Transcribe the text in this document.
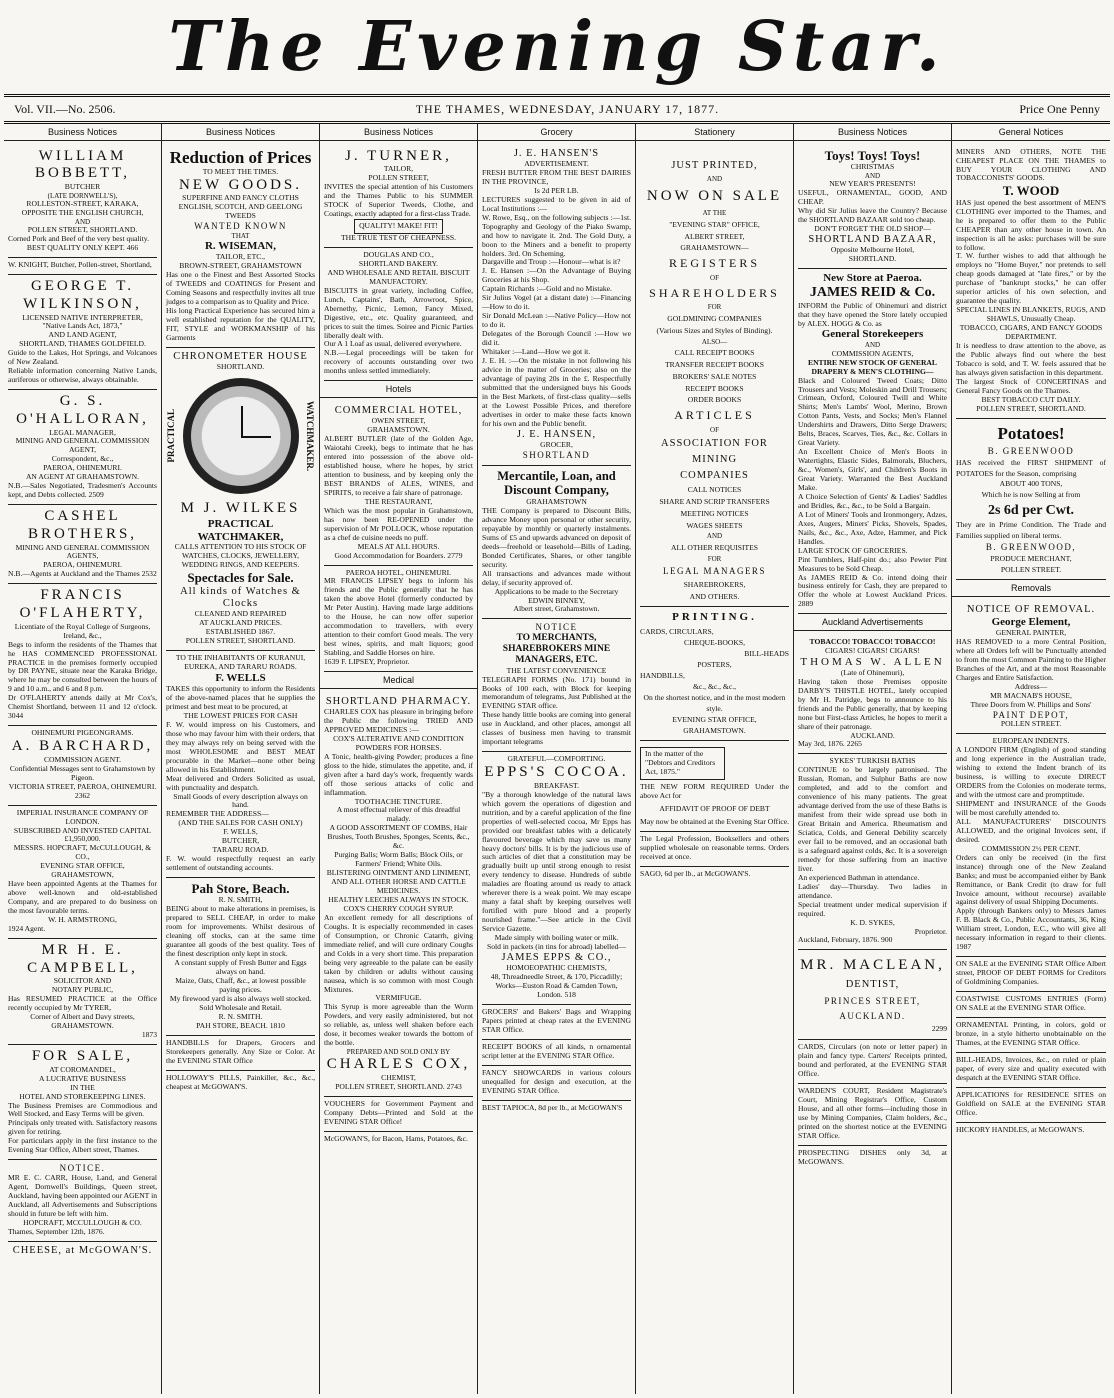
The Evening Star.
Vol. VII.—No. 2506.	THE THAMES, WEDNESDAY, JANUARY 17, 1877.	Price One Penny
Business Notices
WILLIAM BOBBETT,
BUTCHER
(LATE DORNWELL'S),
ROLLESTON-STREET, KARAKA,
OPPOSITE THE ENGLISH CHURCH,
AND
POLLEN STREET, SHORTLAND.
Corned Pork and Beef of the very best quality.
BEST QUALITY ONLY KEPT. 466
W. KNIGHT, Butcher, Pollen-street, Shortland,
GEORGE T. WILKINSON,
LICENSED NATIVE INTERPRETER,
"Native Lands Act, 1873,"
AND LAND AGENT,
SHORTLAND, THAMES GOLDFIELD.
Guide to the Lakes, Hot Springs, and Volcanoes of New Zealand.
Reliable information concerning Native Lands, auriferous or otherwise, always obtainable.
G. S. O'HALLORAN,
LEGAL MANAGER,
MINING AND GENERAL COMMISSION AGENT,
Correspondent, &c.,
PAEROA, OHINEMURI.
AN AGENT AT GRAHAMSTOWN.
N.B.—Sales Negotiated, Tradesmen's Accounts kept, and Debts collected. 2509
CASHEL BROTHERS,
MINING AND GENERAL COMMISSION AGENTS,
PAEROA, OHINEMURI.
N.B.—Agents at Auckland and the Thames 2532
FRANCIS O'FLAHERTY,
Licentiate of the Royal College of Surgeons, Ireland, &c.,
Begs to inform the residents of the Thames that he HAS COMMENCED PROFESSIONAL PRACTICE in the premises formerly occupied by DR PAYNE, situate near the Karaka Bridge, where he may be consulted between the hours of 9 and 10 a.m., and 6 and 8 p.m.
Dr O'FLAHERTY attends daily at Mr Cox's, Chemist Shortland, between 11 and 12 o'clock. 3044
OHINEMURI PIGEONGRAMS.
A. BARCHARD,
COMMISSION AGENT.
Confidential Messages sent to Grahamstown by Pigeon.
VICTORIA STREET, PAEROA, OHINEMURI. 2362
IMPERIAL INSURANCE COMPANY OF LONDON.
SUBSCRIBED AND INVESTED CAPITAL £1,950,000.
MESSRS. HOPCRAFT, McCULLOUGH, & CO.,
EVENING STAR OFFICE,
GRAHAMSTOWN,
Have been appointed Agents at the Thames for above well-known and old-established Company, and are prepared to do business on the most favourable terms.
W. H. ARMSTRONG,
1924 Agent.
MR H. E. CAMPBELL,
SOLICITOR AND
NOTARY PUBLIC,
Has RESUMED PRACTICE at the Office recently occupied by Mr TYRER,
Corner of Albert and Davy streets,
GRAHAMSTOWN.
1873
FOR SALE,
AT COROMANDEL,
A LUCRATIVE BUSINESS
IN THE
HOTEL AND STOREKEEPING LINES.
The Business Premises are Commodious and Well Stocked, and Easy Terms will be given.
Principals only treated with. Satisfactory reasons given for retiring.
For particulars apply in the first instance to the Evening Star Office, Albert street, Thames.
NOTICE.
MR E. C. CARR, House, Land, and General Agent, Dornwell's Buildings, Queen street, Auckland, having been appointed our AGENT in Auckland, all Advertisements and Subscriptions should in future be left with him.
HOPCRAFT, MCCULLOUGH & CO.
Thames, September 12th, 1876.
CHEESE, at McGOWAN'S.
Business Notices
Reduction of Prices
TO MEET THE TIMES.
NEW GOODS.
SUPERFINE AND FANCY CLOTHS
ENGLISH, SCOTCH, AND GEELONG TWEEDS
WANTED KNOWN
THAT
R. WISEMAN,
TAILOR, ETC.,
BROWN-STREET, GRAHAMSTOWN
Has one o the Finest and Best Assorted Stocks of TWEEDS and COATINGS for Present and Coming Seasons and respectfully invites all true judges to a comparison as to Quality and Price.
His long Practical Experience has secured him a well established reputation for the QUALITY, FIT, STYLE and WORKMANSHIP of his Garments
CHRONOMETER HOUSE
SHORTLAND.
PRACTICAL	WATCHMAKER.
M J. WILKES
PRACTICAL WATCHMAKER,
CALLS ATTENTION TO HIS STOCK OF
WATCHES, CLOCKS, JEWELLERY, WEDDING RINGS, AND KEEPERS.
Spectacles for Sale.
All kinds of Watches & Clocks
CLEANED AND REPAIRED
AT AUCKLAND PRICES.
ESTABLISHED 1867.
POLLEN STREET, SHORTLAND.
TO THE INHABITANTS OF KURANUI, EUREKA, AND TARARU ROADS.
F. WELLS
TAKES this opportunity to inform the Residents of the above-named places that he supplies the primest and best meat to be procured, at
THE LOWEST PRICES FOR CASH
F. W. would impress on his Customers, and those who may favour him with their orders, that they may always rely on being served with the most WHOLESOME and BEST MEAT procurable in the Market—none other being allowed in his Establishment.
Meat delivered and Orders Solicited as usual, with punctuality and despatch.
Small Goods of every description always on hand.
REMEMBER THE ADDRESS—
(AND THE SALES FOR CASH ONLY)
F. WELLS,
BUTCHER,
TARARU ROAD.
F. W. would respectfully request an early settlement of outstanding accounts.
Pah Store, Beach.
R. N. SMITH,
BEING about to make alterations in premises, is prepared to SELL CHEAP, in order to make room for improvements. Whilst desirous of cleaning off stocks, can at the same time guarantee all goods of the best quality. Tees of the finest description only kept in stock.
A constant supply of Fresh Butter and Eggs always on hand.
Maize, Oats, Chaff, &c., at lowest possible paying prices.
My firewood yard is also always well stocked. Sold Wholesale and Retail.
R. N. SMITH.
PAH STORE, BEACH. 1810
HANDBILLS for Drapers, Grocers and Storekeepers generally. Any Size or Color. At the EVENING STAR Office
HOLLOWAY'S PILLS, Painkiller, &c., &c., cheapest at McGOWAN'S.
Business Notices
J. TURNER,
TAILOR,
POLLEN STREET,
INVITES the special attention of his Customers and the Thames Public to his SUMMER STOCK of Superior Tweeds, Clothe, and Coatings, exactly adapted for a first-class Trade.
QUALITY! MAKE! FIT!
THE TRUE TEST OF CHEAPNESS.
DOUGLAS AND CO.,
SHORTLAND BAKERY.
AND WHOLESALE AND RETAIL BISCUIT MANUFACTORY.
BISCUITS in great variety, including Coffee, Lunch, Captains', Bath, Arrowroot, Spice, Abernethy, Picnic, Lemon, Fancy Mixed, Digestive, etc., etc. Quality guaranteed, and prices to suit the times. Soiree and Picnic Parties liberally dealt with.
Our A 1 Loaf as usual, delivered everywhere.
N.B.—Legal proceedings will be taken for recovery of accounts outstanding over two months unless settled immediately.
Hotels
COMMERCIAL HOTEL,
OWEN STREET,
GRAHAMSTOWN.
ALBERT BUTLER (late of the Golden Age, Waiotahi Creek), begs to intimate that he has entered into possession of the above old-established house, where he hopes, by strict attention to business, and by keeping only the BEST BRANDS of ALES, WINES, and SPIRITS, to receive a fair share of patronage.
THE RESTAURANT,
Which was the most popular in Grahamstown, has now been RE-OPENED under the supervision of Mr POLLOCK, whose reputation as a chef de cuisine needs no puff.
MEALS AT ALL HOURS.
Good Accommodation for Boarders. 2779
PAEROA HOTEL, OHINEMURI.
MR FRANCIS LIPSEY begs to inform his friends and the Public generally that he has taken the above Hotel (formerly conducted by Mr Peter Austin). Having made large additions to the House, he can now offer superior accommodation to travellers, with every attention to their comfort Good meals. The very best wines, spirits, and malt liquors; good Stabling, and Saddle Horses on hire.
1639 F. LIPSEY, Proprietor.
Medical
SHORTLAND PHARMACY.
CHARLES COX has pleasure in bringing before the Public the following TRIED AND APPROVED MEDICINES :—
COX'S ALTERATIVE AND CONDITION POWDERS FOR HORSES.
A Tonic, health-giving Powder; produces a fine gloss to the hide, stimulates the appetite, and, if given after a hard day's work, frequently wards off those serious attacks of colic and inflammation.
TOOTHACHE TINCTURE.
A most effectual reliever of this dreadful malady.
A GOOD ASSORTMENT OF COMBS, Hair Brushes, Tooth Brushes, Sponges, Scents, &c., &c.
Purging Balls; Worm Balls; Block Oils, or Farmers' Friend; White Oils.
BLISTERING OINTMENT AND LINIMENT, AND ALL OTHER HORSE AND CATTLE MEDICINES.
HEALTHY LEECHES ALWAYS IN STOCK.
COX'S CHERRY COUGH SYRUP.
An excellent remedy for all descriptions of Coughs. It is especially recommended in cases of Consumption, or Chronic Catarrh, giving immediate relief, and will cure ordinary Coughs and Colds in a very short time. This preparation being very agreeable to the palate can be easily taken by children or adults without causing nausea, which is so common with most Cough Mixtures.
VERMIFUGE.
This Syrup is more agreeable than the Worm Powders, and very easily administered, but not so reliable, as, unless well shaken before each dose, it becomes weaker towards the bottom of the bottle.
PREPARED AND SOLD ONLY BY
CHARLES COX,
CHEMIST,
POLLEN STREET, SHORTLAND. 2743
VOUCHERS for Government Payment and Company Debts—Printed and Sold at the EVENING STAR Office!
McGOWAN'S, for Bacon, Hams, Potatoes, &c.
Grocery
J. E. HANSEN'S
ADVERTISEMENT.
FRESH BUTTER FROM THE BEST DAIRIES IN THE PROVINCE,
Is 2d PER LB.
LECTURES suggested to be given in aid of Local Institutions :—
W. Rowe, Esq., on the following subjects :—1st. Topography and Geology of the Piako Swamp, and how to navigate it. 2nd. The Gold Duty, a boon to the Miners and a benefit to property holders. 3rd. On Scheming.
Dargaville and Troup :—Honour—what is it?
J. E. Hansen :—On the Advantage of Buying Groceries at his Shop.
Captain Richards :—Gold and no Mistake.
Sir Julius Vogel (at a distant date) :—Financing—How to do it.
Sir Donald McLean :—Native Policy—How not to do it.
Delegates of the Borough Council :—How we did it.
Whitaker :—Land—How we got it.
J. E. H. :—On the mistake in not following his advice in the matter of Groceries; also on the advantage of paying 20s in the £. Respectfully submitted that the undersigned buys his Goods in the Best Markets, of first-class quality—sells at the Lowest Possible Prices, and therefore advertises in order to make these facts known for his own and the Public benefit.
J. E. HANSEN,
GROCER,
SHORTLAND
Mercantile, Loan, and Discount Company,
GRAHAMSTOWN
THE Company is prepared to Discount Bills, advance Money upon personal or other security, repayable by monthly or quarterly instalments. Sums of £5 and upwards advanced on deposit of deeds—freehold or leasehold—Bills of Lading, Bonded Certificates, Shares, or other tangible security.
All transactions and advances made without delay, if security approved of.
Applications to be made to the Secretary
EDWIN BINNEY,
Albert street, Grahamstown.
NOTICE
TO MERCHANTS, SHAREBROKERS MINE MANAGERS, ETC.
THE LATEST CONVENIENCE
TELEGRAPH FORMS (No. 171) bound in Books of 100 each, with Block for keeping memorandum of telegrams, Just Published at the EVENING STAR office.
These handy little books are coming into general use in Auckland, and other places, amongst all classes of business men having to transmit important telegrams
GRATEFUL—COMFORTING.
EPPS'S COCOA.
BREAKFAST.
"By a thorough knowledge of the natural laws which govern the operations of digestion and nutrition, and by a careful application of the fine properties of well-selected cocoa, Mr Epps has provided our breakfast tables with a delicately flavoured beverage which may save us many heavy doctors' bills. It is by the judicious use of such articles of diet that a constitution may be gradually built up until strong enough to resist every tendency to disease. Hundreds of subtle maladies are floating around us ready to attack wherever there is a weak point. We may escape many a fatal shaft by keeping ourselves well fortified with pure blood and a properly nourished frame."—See article in the Civil Service Gazette.
Made simply with boiling water or milk.
Sold in packets (in tins for abroad) labelled—
JAMES EPPS & CO.,
HOMOEOPATHIC CHEMISTS,
48, Threadneedle Street, & 170, Piccadilly; Works—Euston Road & Camden Town, London. 518
GROCERS' and Bakers' Bags and Wrapping Papers printed at cheap rates at the EVENING STAR Office.
RECEIPT BOOKS of all kinds, n ornamental script letter at the EVENING STAR Office.
FANCY SHOWCARDS in various colours unequalled for design and execution, at the EVENING STAR Office.
BEST TAPIOCA, 8d per lb., at McGOWAN'S
Stationery
JUST PRINTED,
AND
NOW ON SALE
AT THE
"EVENING STAR" OFFICE,
ALBERT STREET,
GRAHAMSTOWN—
REGISTERS
OF
SHAREHOLDERS
FOR
GOLDMINING COMPANIES
(Various Sizes and Styles of Binding).
ALSO—
CALL RECEIPT BOOKS
TRANSFER RECEIPT BOOKS
BROKERS' SALE NOTES
RECEIPT BOOKS
ORDER BOOKS
ARTICLES
OF
ASSOCIATION FOR MINING
COMPANIES
CALL NOTICES
SHARE AND SCRIP TRANSFERS
MEETING NOTICES
WAGES SHEETS
AND
ALL OTHER REQUISITES
FOR
LEGAL MANAGERS
SHAREBROKERS,
AND OTHERS.
PRINTING.
CARDS, CIRCULARS,
CHEQUE-BOOKS,
BILL-HEADS
POSTERS,
HANDBILLS,
&c., &c., &c.,
On the shortest notice, and in the most modern style.
EVENING STAR OFFICE,
GRAHAMSTOWN.
In the matter of the "Debtors and Creditors Act, 1875."
THE NEW FORM REQUIRED Under the above Act for
AFFIDAVIT OF PROOF OF DEBT
May now be obtained at the Evening Star Office.
The Legal Profession, Booksellers and others supplied wholesale on reasonable terms. Orders received at once.
SAGO, 6d per lb., at McGOWAN'S.
Business Notices
Toys! Toys! Toys!
CHRISTMAS
AND
NEW YEAR'S PRESENTS!
USEFUL, ORNAMENTAL, GOOD, AND CHEAP.
Why did Sir Julius leave the Country? Because the SHORTLAND BAZAAR sold too cheap.
DON'T FORGET THE OLD SHOP—
SHORTLAND BAZAAR,
Opposite Melbourne Hotel,
SHORTLAND.
New Store at Paeroa.
JAMES REID & Co.
INFORM the Public of Ohinemuri and district that they have opened the Store lately occupied by ALEX. HOGG & Co. as
General Storekeepers
AND
COMMISSION AGENTS,
ENTIRE NEW STOCK OF GENERAL DRAPERY & MEN'S CLOTHING—
Black and Coloured Tweed Coats; Ditto Trousers and Vests; Moleskin and Drill Trousers; Crimean, Oxford, Coloured Twill and White Shirts; Men's Lambs' Wool, Merino, Brown Cotton Pants, Vests, and Socks; Men's Flannel Undershirts and Drawers, Ditto Serge Drawers; Belts, Braces, Scarves, Ties, &c., &c. Collars in Great Variety.
An Excellent Choice of Men's Boots in Watertights, Elastic Sides, Balmorals, Bluchers, &c., Women's, Girls', and Children's Boots in Great Variety. Warranted the Best Auckland Make.
A Choice Selection of Gents' & Ladies' Saddles and Bridles, &c., &c., to be Sold a Bargain.
A Lot of Miners' Tools and Ironmongery, Adzes, Axes, Augers, Miners' Picks, Shovels, Spades, Nails, &c., &c., Axe, Adze, Hammer, and Pick Handles.
LARGE STOCK OF GROCERIES.
Pint Tumblers, Half-pint do.; also Pewter Pint Measures to be Sold Cheap.
As JAMES REID & Co. intend doing their business entirely for Cash, they are prepared to Offer the whole at Lowest Auckland Prices. 2889
Auckland Advertisements
TOBACCO! TOBACCO! TOBACCO!
CIGARS! CIGARS! CIGARS!
THOMAS W. ALLEN
(Late of Ohinemuri),
Having taken those Premises opposite DARBY'S THISTLE HOTEL, lately occupied by Mr H. Patridge, begs to announce to his friends and the Public generally, that by keeping none but First-class Articles, he hopes to merit a share of their patronage.
AUCKLAND.
May 3rd, 1876. 2265
SYKES' TURKISH BATHS
CONTINUE to be largely patronised. The Russian, Roman, and Sulphur Baths are now completed, and add to the comfort and convenience of his many patients. The great advantage derived from the use of these Baths is manifest from their wide spread use both in Great Britain and America. Rheumatism and Sciatica, Colds, and General Debility scarcely ever fail to be removed, and an occasional bath is a safeguard against colds, &c. It is a sovereign remedy for those suffering from an inactive liver.
An experienced Bathman in attendance.
Ladies' day—Thursday. Two ladies in attendance.
Special treatment under medical supervision if required.
K. D. SYKES,
Proprietor.
Auckland, February, 1876. 900
MR. MACLEAN,
DENTIST,
PRINCES STREET,
AUCKLAND.
2299
CARDS, Circulars (on note or letter paper) in plain and fancy type. Carters' Receipts printed, bound and perforated, at the EVENING STAR Office.
WARDEN'S COURT, Resident Magistrate's Court, Mining Registrar's Office, Custom House, and all other forms—including those in use by Mining Companies, Claim holders, &c., printed on the shortest notice at the EVENING STAR Office.
PROSPECTING DISHES only 3d, at McGOWAN'S.
General Notices
MINERS AND OTHERS, NOTE THE CHEAPEST PLACE ON THE THAMES to BUY YOUR CLOTHING AND TOBACCONISTS' GOODS.
T. WOOD
HAS just opened the best assortment of MEN'S CLOTHING ever imported to the Thames, and he is prepared to offer them to the Public CHEAPER than any other house in town. An inspection is all he asks: purchases will be sure to follow.
T. W. further wishes to add that although he employs no "Home Buyer," nor pretends to sell cheap goods damaged at "late fires," or by the purchase of "bankrupt stocks," he can offer superior articles of his own selection, and guarantee the quality.
SPECIAL LINES IN BLANKETS, RUGS, AND SHAWLS, Unusually Cheap.
TOBACCO, CIGARS, AND FANCY GOODS DEPARTMENT.
It is needless to draw attention to the above, as the Public always find out where the best Tobacco is sold, and T. W. feels assured that he has always given satisfaction in this department.
The largest Stock of CONCERTINAS and General Fancy Goods on the Thames.
BEST TOBACCO CUT DAILY.
POLLEN STREET, SHORTLAND.
Potatoes!
B. GREENWOOD
HAS received the FIRST SHIPMENT of POTATOES for the Season, comprising
ABOUT 400 TONS,
Which he is now Selling at from
2s 6d per Cwt.
They are in Prime Condition. The Trade and Families supplied on liberal terms.
B. GREENWOOD,
PRODUCE MERCHANT,
POLLEN STREET.
Removals
NOTICE OF REMOVAL.
George Element,
GENERAL PAINTER,
HAS REMOVED to a more Central Position, where all Orders left will be Punctually attended to from the most Common Painting to the Higher Branches of the Art, and at the most Reasonable Charges and Entire Satisfaction.
Address—
MR MACNAB'S HOUSE,
Three Doors from W. Phillips and Sons'
PAINT DEPOT,
POLLEN STREET.
EUROPEAN INDENTS.
A LONDON FIRM (English) of good standing and long experience in the Australian trade, wishing to extend the Indent branch of its business, is willing to execute DIRECT ORDERS from the Colonies on moderate terms, and with the utmost care and promptitude.
SHIPMENT and INSURANCE of the Goods will be most carefully attended to.
ALL MANUFACTURERS' DISCOUNTS ALLOWED, and the original Invoices sent, if desired.
COMMISSION 2½ PER CENT.
Orders can only be received (in the first instance) through one of the New Zealand Banks; and must be accompanied either by Bank Remittance, or Bank Credit (to draw for full Invoice amount, without recourse) available against delivery of usual Shipping Documents.
Apply (through Bankers only) to Messrs James F. B. Black & Co., Public Accountants, 36, King William street, London, E.C., who will give all necessary information in regard to their clients. 1987
ON SALE at the EVENING STAR Office Albert street, PROOF OF DEBT FORMS for Creditors of Goldmining Companies.
COASTWISE CUSTOMS ENTRIES (Form) ON SALE at the EVENING STAR Office.
ORNAMENTAL Printing, in colors, gold or bronze, in a style hitherto unobtainable on the Thames, at the EVENING STAR Office.
BILL-HEADS, Invoices, &c., on ruled or plain paper, of every size and quality executed with despatch at the EVENING STAR Office.
APPLICATIONS for RESIDENCE SITES on Goldfield on SALE at the EVENING STAR Office.
HICKORY HANDLES, at McGOWAN'S.
